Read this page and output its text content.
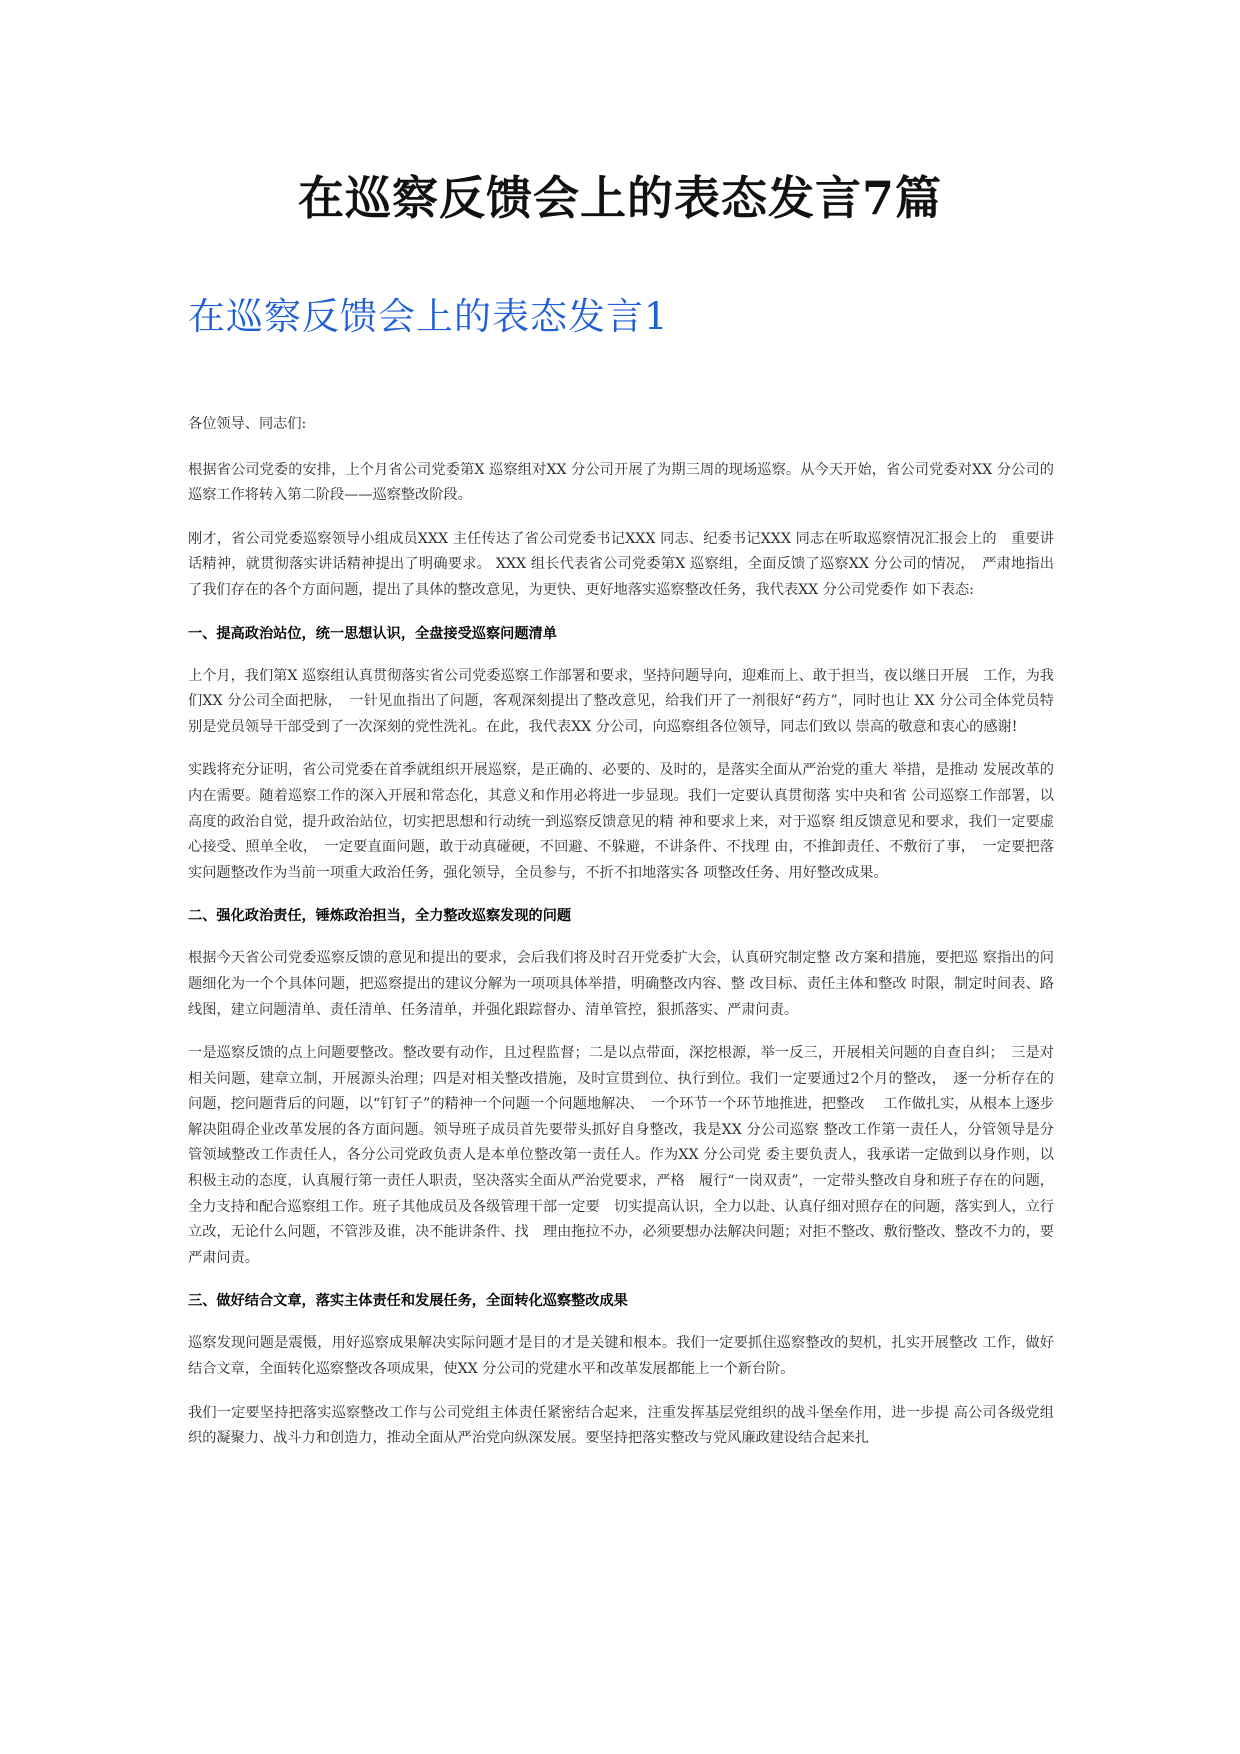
在巡察反馈会上的表态发言7篇
在巡察反馈会上的表态发言1

各位领导、同志们:

根据省公司党委的安排，上个月省公司党委第X 巡察组对XX 分公司开展了为期三周的现场巡察。从今天开始，省公司党委对XX 分公司的巡察工作将转入第二阶段——巡察整改阶段。

刚才，省公司党委巡察领导小组成员XXX 主任传达了省公司党委书记XXX 同志、纪委书记XXX 同志在听取巡察情况汇报会上的　重要讲话精神，就贯彻落实讲话精神提出了明确要求。 XXX 组长代表省公司党委第X 巡察组，全面反馈了巡察XX 分公司的情况，　严肃地指出了我们存在的各个方面问题，提出了具体的整改意见，为更快、更好地落实巡察整改任务，我代表XX 分公司党委作 如下表态:

一、提高政治站位，统一思想认识，全盘接受巡察问题清单

上个月，我们第X 巡察组认真贯彻落实省公司党委巡察工作部署和要求，坚持问题导向，迎难而上、敢于担当，夜以继日开展　工作，为我们XX 分公司全面把脉，　一针见血指出了问题，客观深刻提出了整改意见，给我们开了一剂很好“药方”，同时也让 XX 分公司全体党员特别是党员领导干部受到了一次深刻的党性洗礼。在此，我代表XX 分公司，向巡察组各位领导，同志们致以 崇高的敬意和衷心的感谢!

实践将充分证明，省公司党委在首季就组织开展巡察，是正确的、必要的、及时的，是落实全面从严治党的重大 举措，是推动 发展改革的内在需要。随着巡察工作的深入开展和常态化，其意义和作用必将进一步显现。我们一定要认真贯彻落 实中央和省 公司巡察工作部署，以高度的政治自觉，提升政治站位，切实把思想和行动统一到巡察反馈意见的精 神和要求上来，对于巡察 组反馈意见和要求，我们一定要虚心接受、照单全收，　一定要直面问题，敢于动真碰硬，不回避、不躲避，不讲条件、不找理 由，不推卸责任、不敷衍了事，　一定要把落实问题整改作为当前一项重大政治任务，强化领导，全员参与，不折不扣地落实各 项整改任务、用好整改成果。

二、强化政治责任，锤炼政治担当，全力整改巡察发现的问题

根据今天省公司党委巡察反馈的意见和提出的要求，会后我们将及时召开党委扩大会，认真研究制定整 改方案和措施，要把巡 察指出的问题细化为一个个具体问题，把巡察提出的建议分解为一项项具体举措，明确整改内容、整 改目标、责任主体和整改 时限，制定时间表、路线图，建立问题清单、责任清单、任务清单，并强化跟踪督办、清单管控，狠抓落实、严肃问责。

一是巡察反馈的点上问题要整改。整改要有动作，且过程监督；二是以点带面，深挖根源，举一反三，开展相关问题的自查自纠；　三是对相关问题，建章立制，开展源头治理；四是对相关整改措施，及时宣贯到位、执行到位。我们一定要通过2个月的整改，　逐一分析存在的问题，挖问题背后的问题，以“钉钉子”的精神一个问题一个问题地解决、　一个环节一个环节地推进，把整改　 工作做扎实，从根本上逐步解决阻碍企业改革发展的各方面问题。领导班子成员首先要带头抓好自身整改，我是XX 分公司巡察 整改工作第一责任人，分管领导是分管领域整改工作责任人，各分公司党政负责人是本单位整改第一责任人。作为XX 分公司党 委主要负责人，我承诺一定做到以身作则，以积极主动的态度，认真履行第一责任人职责，坚决落实全面从严治党要求，严格　履行“一岗双责”，一定带头整改自身和班子存在的问题，全力支持和配合巡察组工作。班子其他成员及各级管理干部一定要　切实提高认识，全力以赴、认真仔细对照存在的问题，落实到人，立行立改，无论什么问题，不管涉及谁，决不能讲条件、找　理由拖拉不办，必须要想办法解决问题；对拒不整改、敷衍整改、整改不力的，要严肃问责。

三、做好结合文章，落实主体责任和发展任务，全面转化巡察整改成果

巡察发现问题是震慑，用好巡察成果解决实际问题才是目的才是关键和根本。我们一定要抓住巡察整改的契机，扎实开展整改 工作，做好结合文章，全面转化巡察整改各项成果，使XX 分公司的党建水平和改革发展都能上一个新台阶。

我们一定要坚持把落实巡察整改工作与公司党组主体责任紧密结合起来，注重发挥基层党组织的战斗堡垒作用，进一步提 高公司各级党组织的凝聚力、战斗力和创造力，推动全面从严治党向纵深发展。要坚持把落实整改与党风廉政建设结合起来扎
